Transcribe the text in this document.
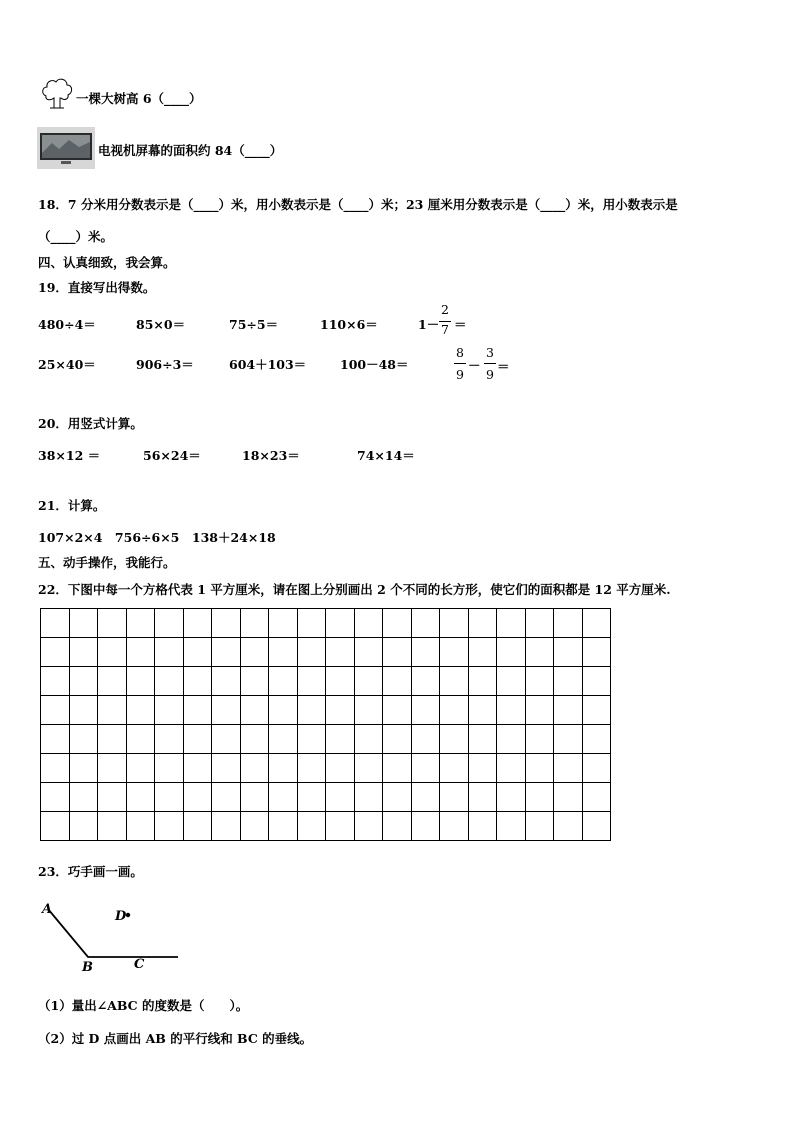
一棵大树高 6（____）
电视机屏幕的面积约 84（____）
18．7 分米用分数表示是（____）米，用小数表示是（____）米；23 厘米用分数表示是（____）米，用小数表示是
（____）米。
四、认真细致，我会算。
19．直接写出得数。
480÷4＝	85×0＝	75÷5＝	110×6＝	1－
2
7 ＝
25×40＝	906÷3＝	604＋103＝	100－48＝
8
9
－
3
9
＝
20．用竖式计算。
38×12 ＝	56×24＝	18×23＝	74×14＝
21．计算。
107×2×4　756÷6×5　138＋24×18
五、动手操作，我能行。
22．下图中每一个方格代表 1 平方厘米，请在图上分别画出 2 个不同的长方形，使它们的面积都是 12 平方厘米.

23．巧手画一画。
A	D
B	C
（1）量出∠ABC 的度数是（　　）。
（2）过 D 点画出 AB 的平行线和 BC 的垂线。
